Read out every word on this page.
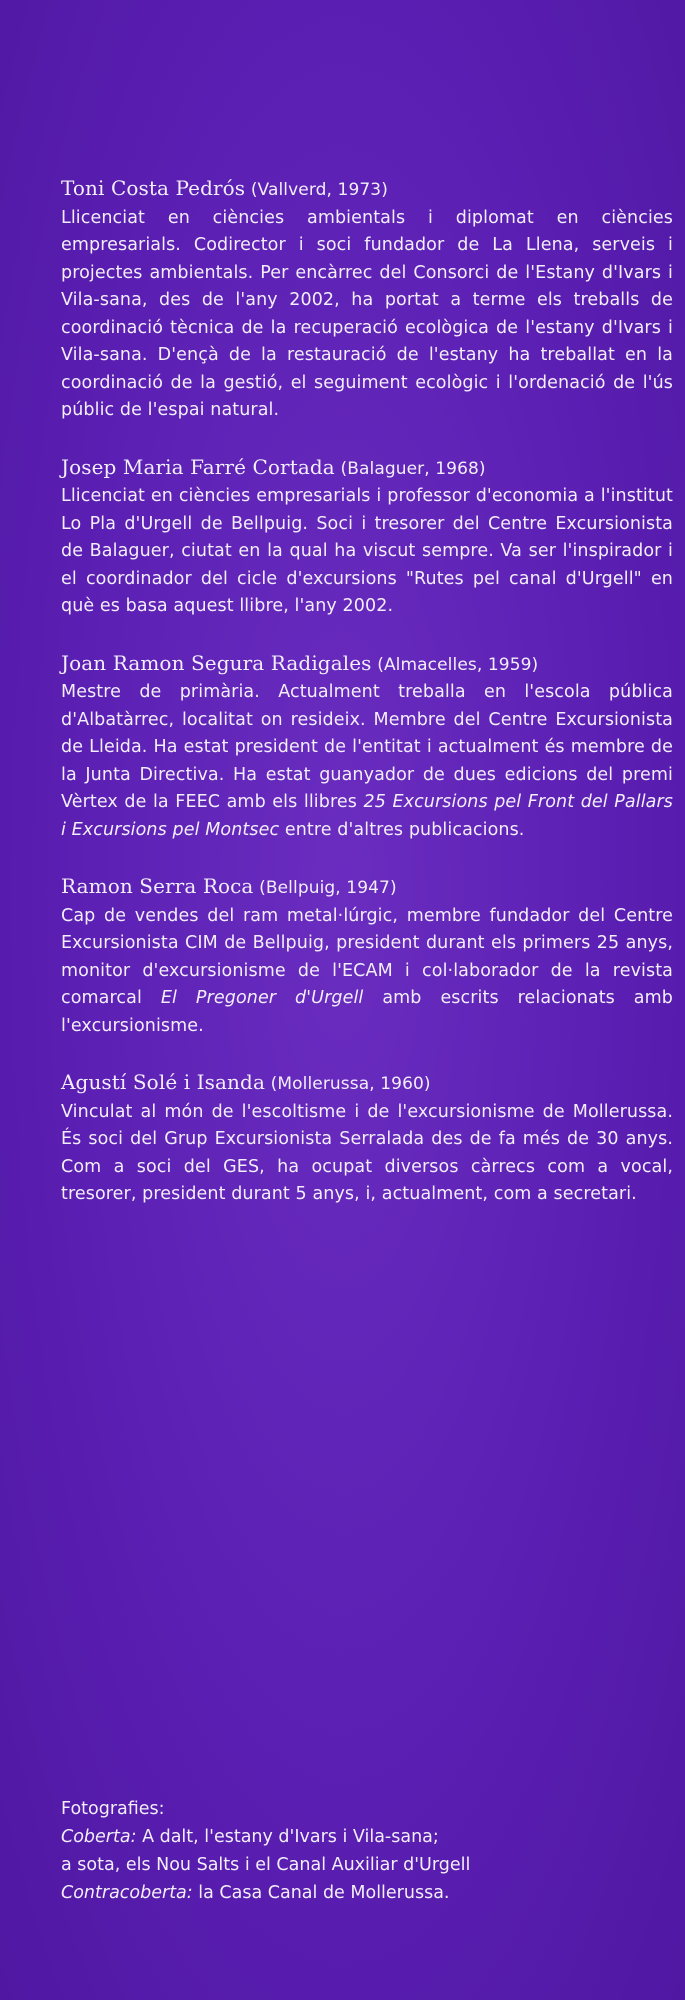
Toni Costa Pedrós (Vallverd, 1973)
Llicenciat en ciències ambientals i diplomat en ciències empresarials. Codirector i soci fundador de La Llena, serveis i projectes ambientals. Per encàrrec del Consorci de l'Estany d'Ivars i Vila-sana, des de l'any 2002, ha portat a terme els treballs de coordinació tècnica de la recuperació ecològica de l'estany d'Ivars i Vila-sana. D'ençà de la restauració de l'estany ha treballat en la coordinació de la gestió, el seguiment ecològic i l'ordenació de l'ús públic de l'espai natural.

Josep Maria Farré Cortada (Balaguer, 1968)
Llicenciat en ciències empresarials i professor d'economia a l'institut Lo Pla d'Urgell de Bellpuig. Soci i tresorer del Centre Excursionista de Balaguer, ciutat en la qual ha viscut sempre. Va ser l'inspirador i el coordinador del cicle d'excursions "Rutes pel canal d'Urgell" en què es basa aquest llibre, l'any 2002.

Joan Ramon Segura Radigales (Almacelles, 1959)
Mestre de primària. Actualment treballa en l'escola pública d'Albatàrrec, localitat on resideix. Membre del Centre Excursionista de Lleida. Ha estat president de l'entitat i actualment és membre de la Junta Directiva. Ha estat guanyador de dues edicions del premi Vèrtex de la FEEC amb els llibres 25 Excursions pel Front del Pallars i Excursions pel Montsec entre d'altres publicacions.

Ramon Serra Roca (Bellpuig, 1947)
Cap de vendes del ram metal·lúrgic, membre fundador del Centre Excursionista CIM de Bellpuig, president durant els primers 25 anys, monitor d'excursionisme de l'ECAM i col·laborador de la revista comarcal El Pregoner d'Urgell amb escrits relacionats amb l'excursionisme.

Agustí Solé i Isanda (Mollerussa, 1960)
Vinculat al món de l'escoltisme i de l'excursionisme de Mollerussa. És soci del Grup Excursionista Serralada des de fa més de 30 anys. Com a soci del GES, ha ocupat diversos càrrecs com a vocal, tresorer, president durant 5 anys, i, actualment, com a secretari.

Fotografies:
Coberta: A dalt, l'estany d'Ivars i Vila-sana;
a sota, els Nou Salts i el Canal Auxiliar d'Urgell
Contracoberta: la Casa Canal de Mollerussa.
